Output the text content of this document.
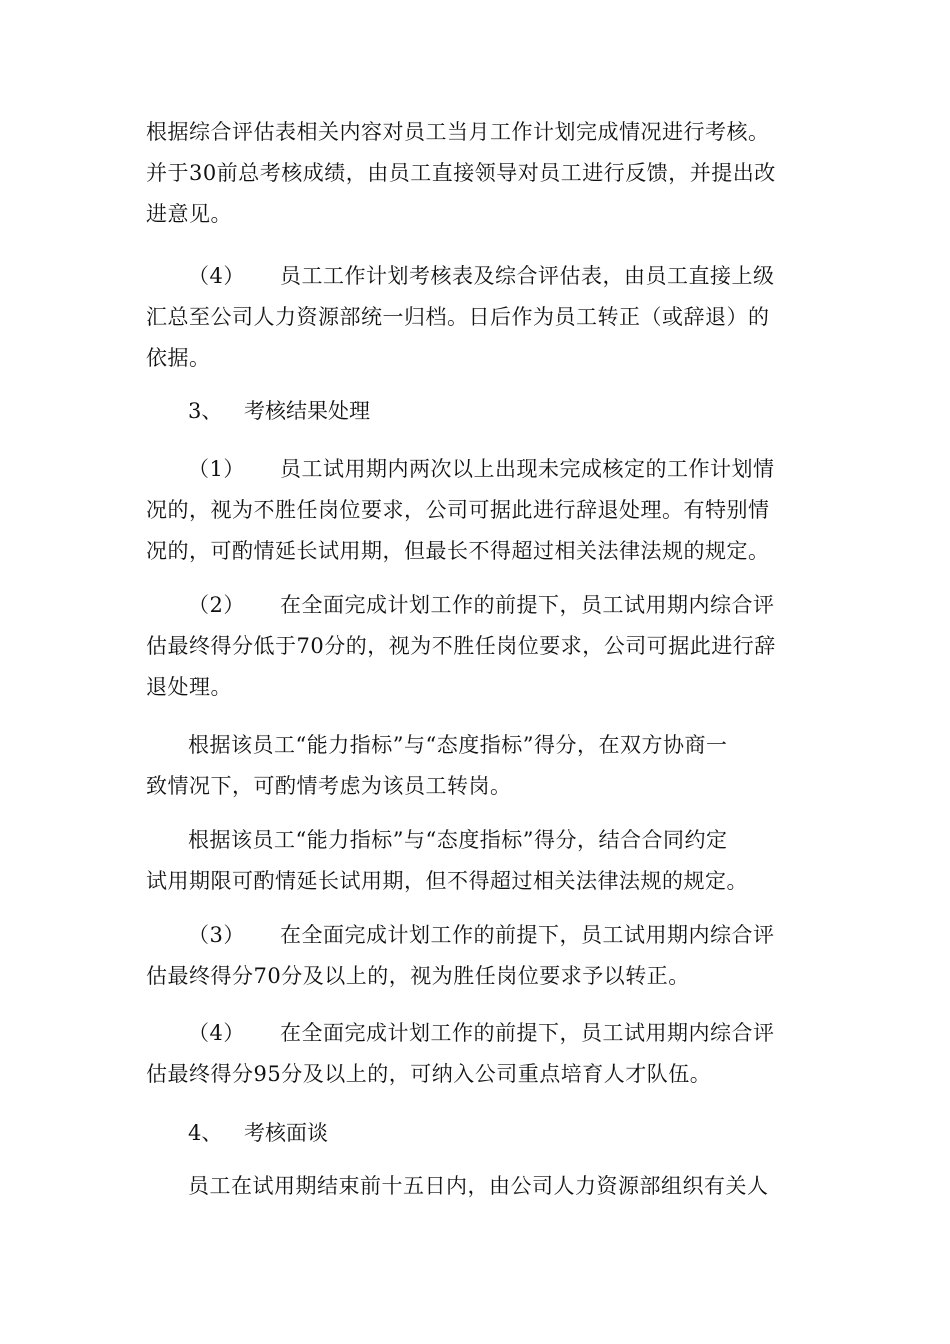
根据综合评估表相关内容对员工当月工作计划完成情况进行考核。
并于30前总考核成绩，由员工直接领导对员工进行反馈，并提出改
进意见。
（4） 员工工作计划考核表及综合评估表，由员工直接上级
汇总至公司人力资源部统一归档。日后作为员工转正（或辞退）的
依据。
3、 考核结果处理
（1） 员工试用期内两次以上出现未完成核定的工作计划情
况的，视为不胜任岗位要求，公司可据此进行辞退处理。有特别情
况的，可酌情延长试用期，但最长不得超过相关法律法规的规定。
（2） 在全面完成计划工作的前提下，员工试用期内综合评
估最终得分低于70分的，视为不胜任岗位要求，公司可据此进行辞
退处理。
根据该员工“能力指标”与“态度指标”得分，在双方协商一
致情况下，可酌情考虑为该员工转岗。
根据该员工“能力指标”与“态度指标”得分，结合合同约定
试用期限可酌情延长试用期，但不得超过相关法律法规的规定。
（3） 在全面完成计划工作的前提下，员工试用期内综合评
估最终得分70分及以上的，视为胜任岗位要求予以转正。
（4） 在全面完成计划工作的前提下，员工试用期内综合评
估最终得分95分及以上的，可纳入公司重点培育人才队伍。
4、 考核面谈
员工在试用期结束前十五日内，由公司人力资源部组织有关人
